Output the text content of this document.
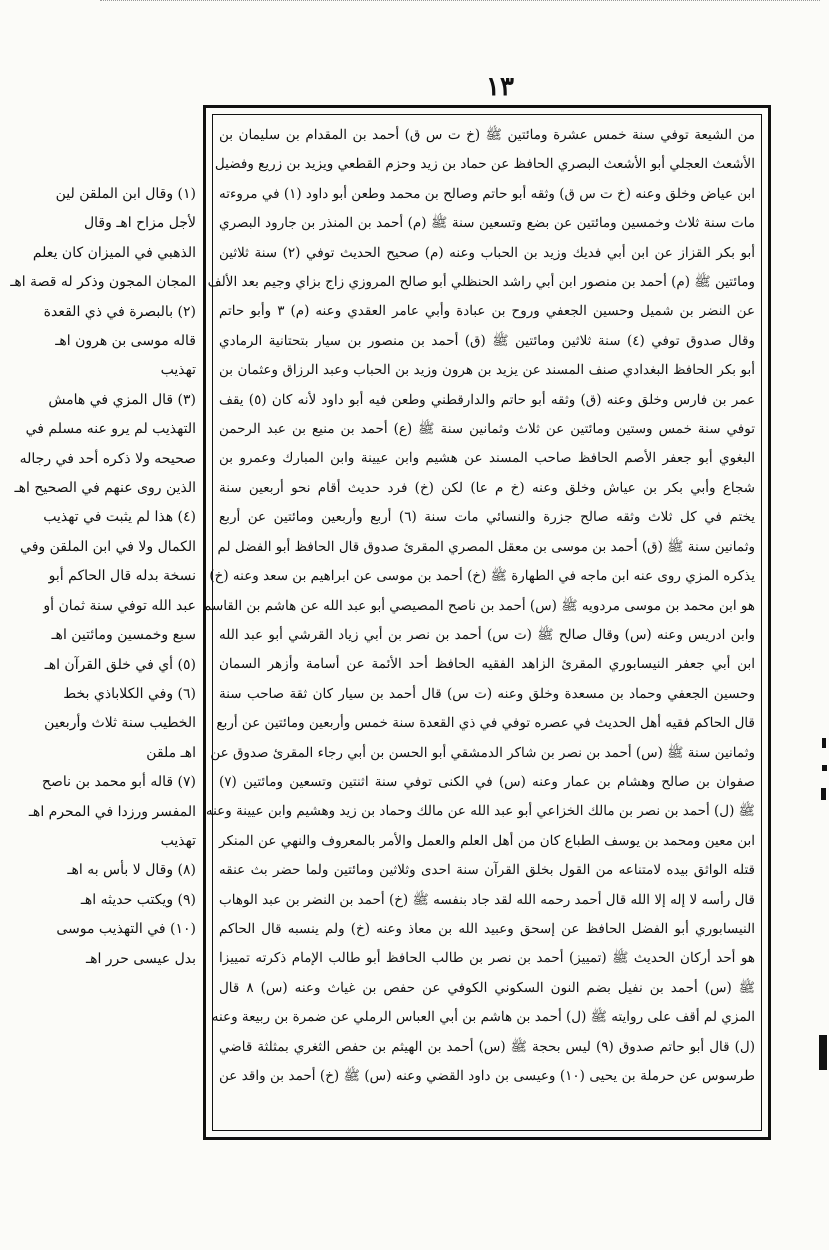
١٣
من الشيعة توفي سنة خمس عشرة ومائتين ﷺ (خ ت س ق) أحمد بن المقدام بن سليمان بن
الأشعث العجلي أبو الأشعث البصري الحافظ عن حماد بن زيد وحزم القطعي ويزيد بن زريع وفضيل
ابن عياض وخلق وعنه (خ ت س ق) وثقه أبو حاتم وصالح بن محمد وطعن أبو داود (١) في مروءته
مات سنة ثلاث وخمسين ومائتين عن بضع وتسعين سنة ﷺ (م) أحمد بن المنذر بن جارود البصري
أبو بكر القزاز عن ابن أبي فديك وزيد بن الحباب وعنه (م) صحيح الحديث توفي (٢) سنة ثلاثين
ومائتين ﷺ (م) أحمد بن منصور ابن أبي راشد الحنظلي أبو صالح المروزي زاج بزاي وجيم بعد الألف
عن النضر بن شميل وحسين الجعفي وروح بن عبادة وأبي عامر العقدي وعنه (م) ٣ وأبو حاتم
وقال صدوق توفي (٤) سنة ثلاثين ومائتين ﷺ (ق) أحمد بن منصور بن سيار بتحتانية الرمادي
أبو بكر الحافظ البغدادي صنف المسند عن يزيد بن هرون وزيد بن الحباب وعبد الرزاق وعثمان بن
عمر بن فارس وخلق وعنه (ق) وثقه أبو حاتم والدارقطني وطعن فيه أبو داود لأنه كان (٥) يقف
توفي سنة خمس وستين ومائتين عن ثلاث وثمانين سنة ﷺ (ع) أحمد بن منيع بن عبد الرحمن
البغوي أبو جعفر الأصم الحافظ صاحب المسند عن هشيم وابن عيينة وابن المبارك وعمرو بن
شجاع وأبي بكر بن عياش وخلق وعنه (خ م عا) لكن (خ) فرد حديث أقام نحو أربعين سنة
يختم في كل ثلاث وثقه صالح جزرة والنسائي مات سنة (٦) أربع وأربعين ومائتين عن أربع
وثمانين سنة ﷺ (ق) أحمد بن موسى بن معقل المصري المقرئ صدوق قال الحافظ أبو الفضل لم
يذكره المزي روى عنه ابن ماجه في الطهارة ﷺ (خ) أحمد بن موسى عن ابراهيم بن سعد وعنه (خ)
هو ابن محمد بن موسى مردويه ﷺ (س) أحمد بن ناصح المصيصي أبو عبد الله عن هاشم بن القاسم
وابن ادريس وعنه (س) وقال صالح ﷺ (ت س) أحمد بن نصر بن أبي زياد القرشي أبو عبد الله
ابن أبي جعفر النيسابوري المقرئ الزاهد الفقيه الحافظ أحد الأئمة عن أسامة وأزهر السمان
وحسين الجعفي وحماد بن مسعدة وخلق وعنه (ت س) قال أحمد بن سيار كان ثقة صاحب سنة
قال الحاكم فقيه أهل الحديث في عصره توفي في ذي القعدة سنة خمس وأربعين ومائتين عن أربع
وثمانين سنة ﷺ (س) أحمد بن نصر بن شاكر الدمشقي أبو الحسن بن أبي رجاء المقرئ صدوق عن
صفوان بن صالح وهشام بن عمار وعنه (س) في الكنى توفي سنة اثنتين وتسعين ومائتين (٧)
ﷺ (ل) أحمد بن نصر بن مالك الخزاعي أبو عبد الله عن مالك وحماد بن زيد وهشيم وابن عيينة وعنه
ابن معين ومحمد بن يوسف الطباع كان من أهل العلم والعمل والأمر بالمعروف والنهي عن المنكر
قتله الواثق بيده لامتناعه من القول بخلق القرآن سنة احدى وثلاثين ومائتين ولما حضر بث عنقه
قال رأسه لا إله إلا الله قال أحمد رحمه الله لقد جاد بنفسه ﷺ (خ) أحمد بن النضر بن عبد الوهاب
النيسابوري أبو الفضل الحافظ عن إسحق وعبيد الله بن معاذ وعنه (خ) ولم ينسبه قال الحاكم
هو أحد أركان الحديث ﷺ (تمييز) أحمد بن نصر بن طالب الحافظ أبو طالب الإمام ذكرته تمييزا
ﷺ (س) أحمد بن نفيل بضم النون السكوني الكوفي عن حفص بن غياث وعنه (س) ٨ قال
المزي لم أقف على روايته ﷺ (ل) أحمد بن هاشم بن أبي العباس الرملي عن ضمرة بن ربيعة وعنه
(ل) قال أبو حاتم صدوق (٩) ليس بحجة ﷺ (س) أحمد بن الهيثم بن حفص الثغري بمثلثة قاضي
طرسوس عن حرملة بن يحيى (١٠) وعيسى بن داود القضي وعنه (س) ﷺ (خ) أحمد بن واقد عن
(١) وقال ابن الملقن لين
لأجل مزاح اهـ وقال
الذهبي في الميزان كان يعلم
المجان المجون وذكر له قصة اهـ
(٢) بالبصرة في ذي القعدة
قاله موسى بن هرون اهـ
تهذيب
(٣) قال المزي في هامش
التهذيب لم يرو عنه مسلم في
صحيحه ولا ذكره أحد في رجاله
الذين روى عنهم في الصحيح اهـ
(٤) هذا لم يثبت في تهذيب
الكمال ولا في ابن الملقن وفي
نسخة بدله قال الحاكم أبو
عبد الله توفي سنة ثمان أو
سبع وخمسين ومائتين اهـ
(٥) أي في خلق القرآن اهـ
(٦) وفي الكلاباذي بخط
الخطيب سنة ثلاث وأربعين
اهـ ملقن
(٧) قاله أبو محمد بن ناصح
المفسر ورزدا في المحرم اهـ
تهذيب
(٨) وقال لا بأس به اهـ
(٩) ويكتب حديثه اهـ
(١٠) في التهذيب موسى
بدل عيسى حرر اهـ
